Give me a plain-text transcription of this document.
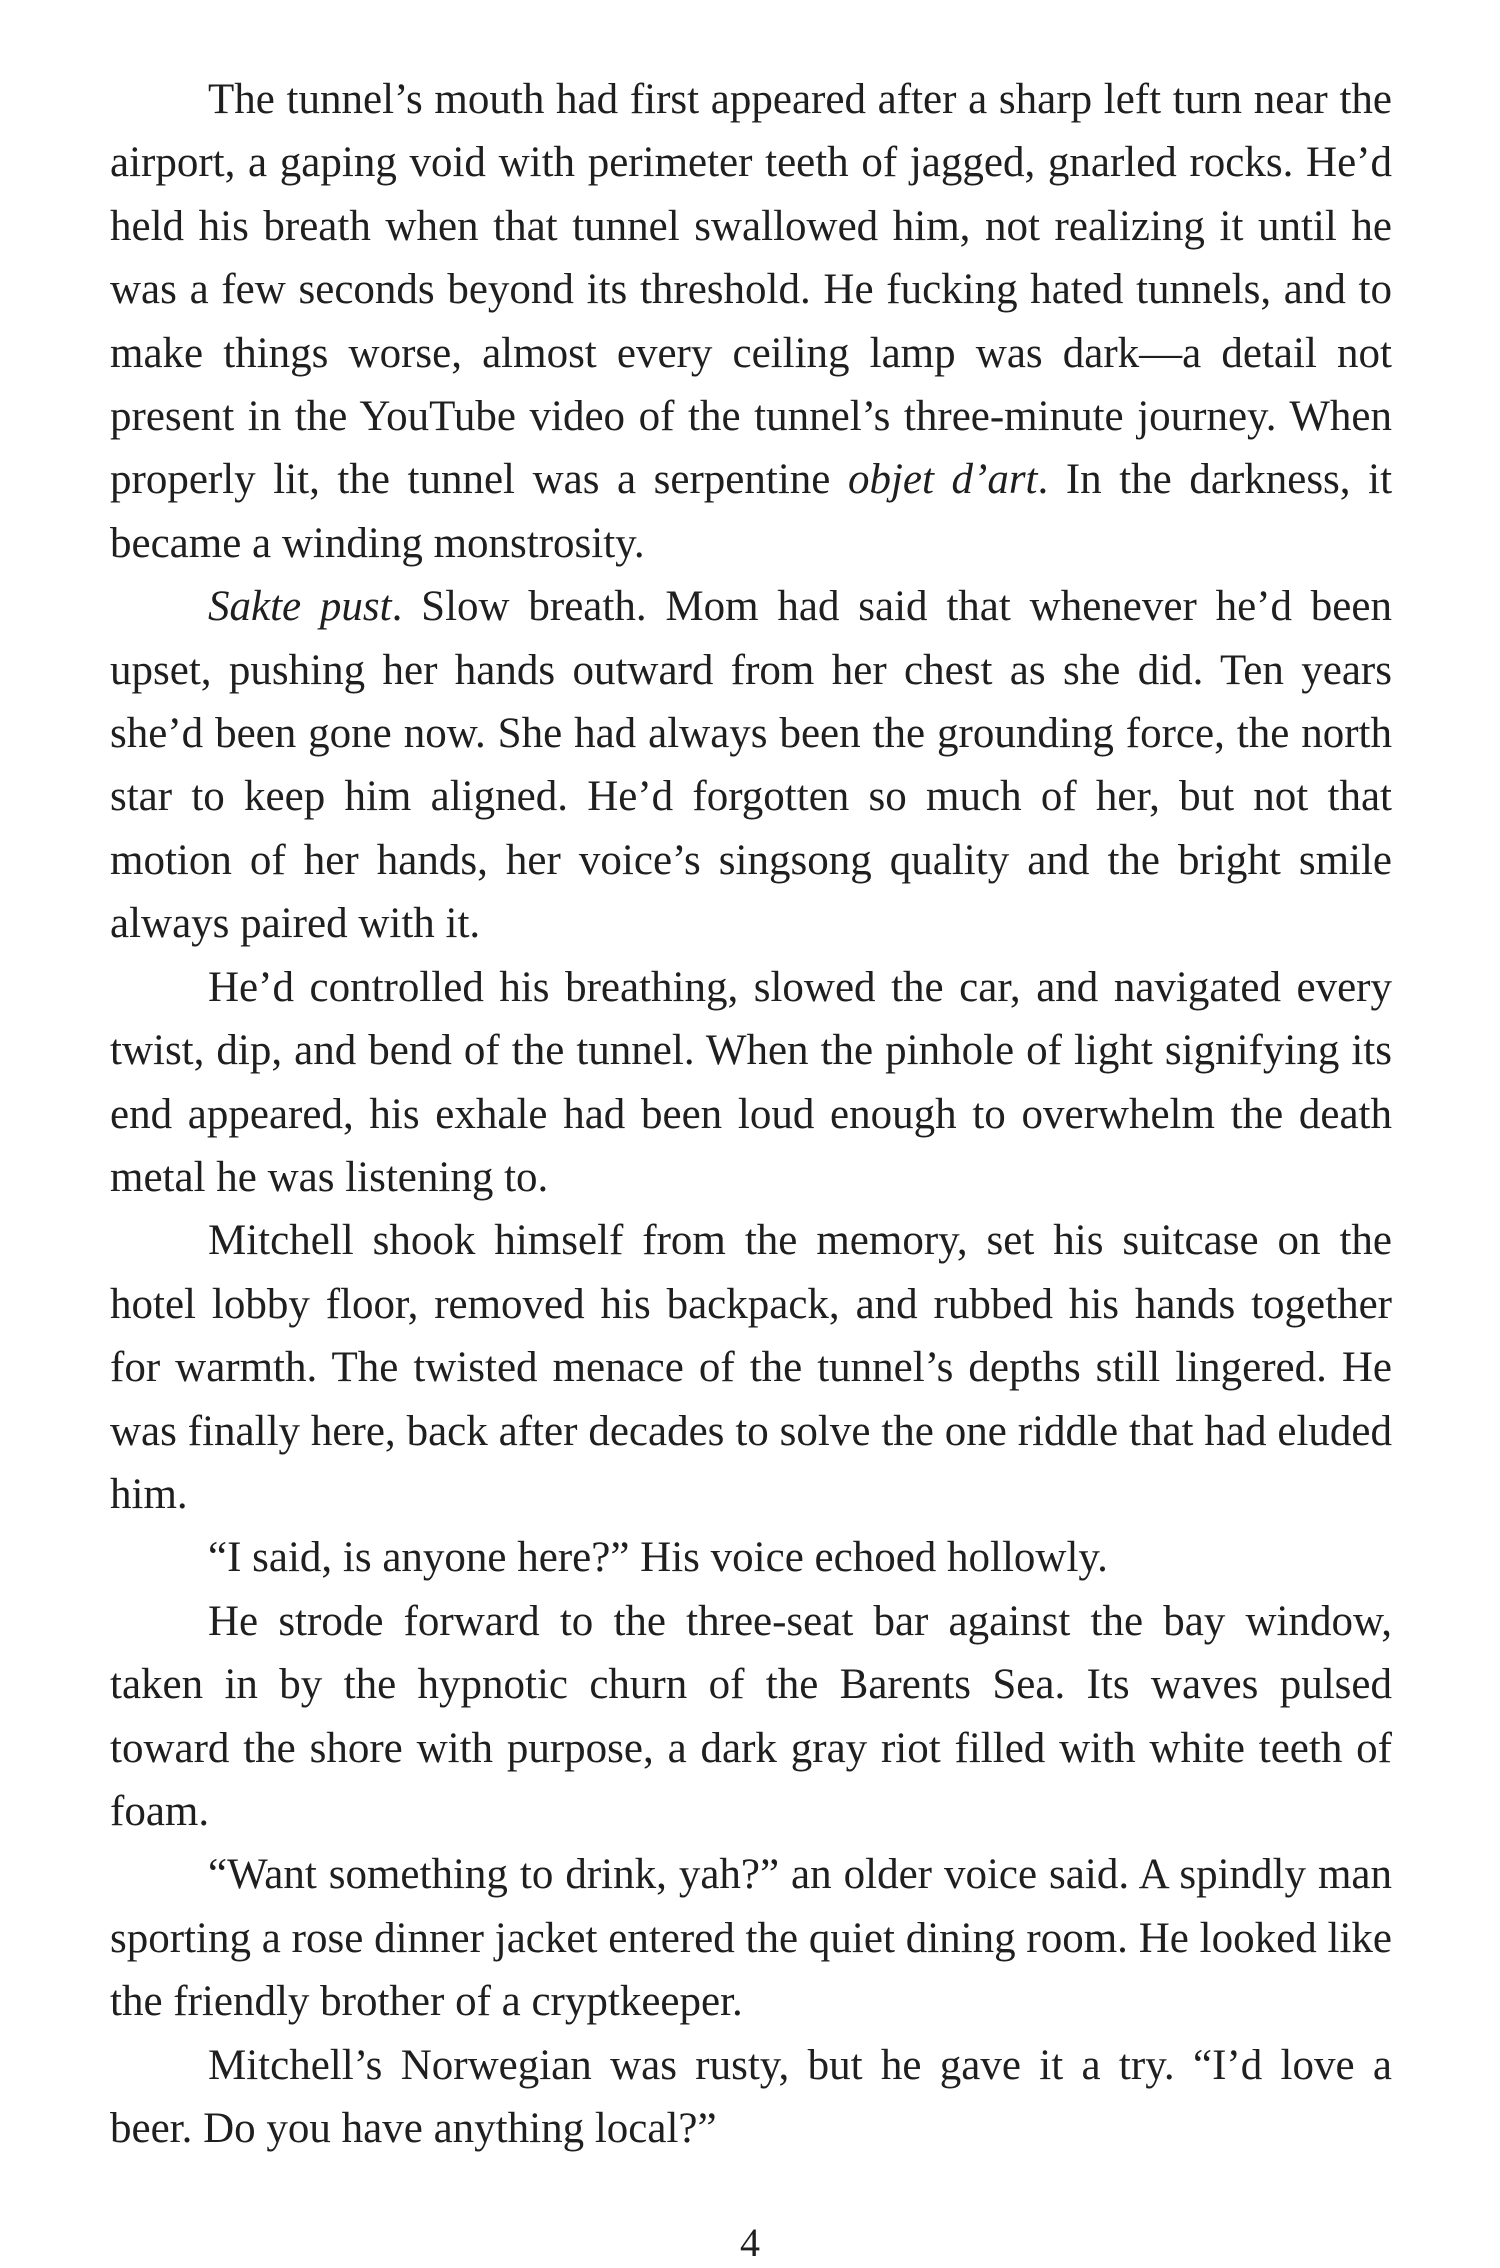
The tunnel’s mouth had first appeared after a sharp left turn near the airport, a gaping void with perimeter teeth of jagged, gnarled rocks. He’d held his breath when that tunnel swallowed him, not realizing it until he was a few seconds beyond its threshold. He fucking hated tunnels, and to make things worse, almost every ceiling lamp was dark—a detail not present in the YouTube video of the tunnel’s three-minute journey. When properly lit, the tunnel was a serpentine objet d’art. In the darkness, it became a winding monstrosity.

Sakte pust. Slow breath. Mom had said that whenever he’d been upset, pushing her hands outward from her chest as she did. Ten years she’d been gone now. She had always been the grounding force, the north star to keep him aligned. He’d forgotten so much of her, but not that motion of her hands, her voice’s singsong quality and the bright smile always paired with it.

He’d controlled his breathing, slowed the car, and navigated every twist, dip, and bend of the tunnel. When the pinhole of light signifying its end appeared, his exhale had been loud enough to overwhelm the death metal he was listening to.

Mitchell shook himself from the memory, set his suitcase on the hotel lobby floor, removed his backpack, and rubbed his hands together for warmth. The twisted menace of the tunnel’s depths still lingered. He was finally here, back after decades to solve the one riddle that had eluded him.

“I said, is anyone here?” His voice echoed hollowly.

He strode forward to the three-seat bar against the bay window, taken in by the hypnotic churn of the Barents Sea. Its waves pulsed toward the shore with purpose, a dark gray riot filled with white teeth of foam.

“Want something to drink, yah?” an older voice said. A spindly man sporting a rose dinner jacket entered the quiet dining room. He looked like the friendly brother of a cryptkeeper.

Mitchell’s Norwegian was rusty, but he gave it a try. “I’d love a beer. Do you have anything local?”

4
